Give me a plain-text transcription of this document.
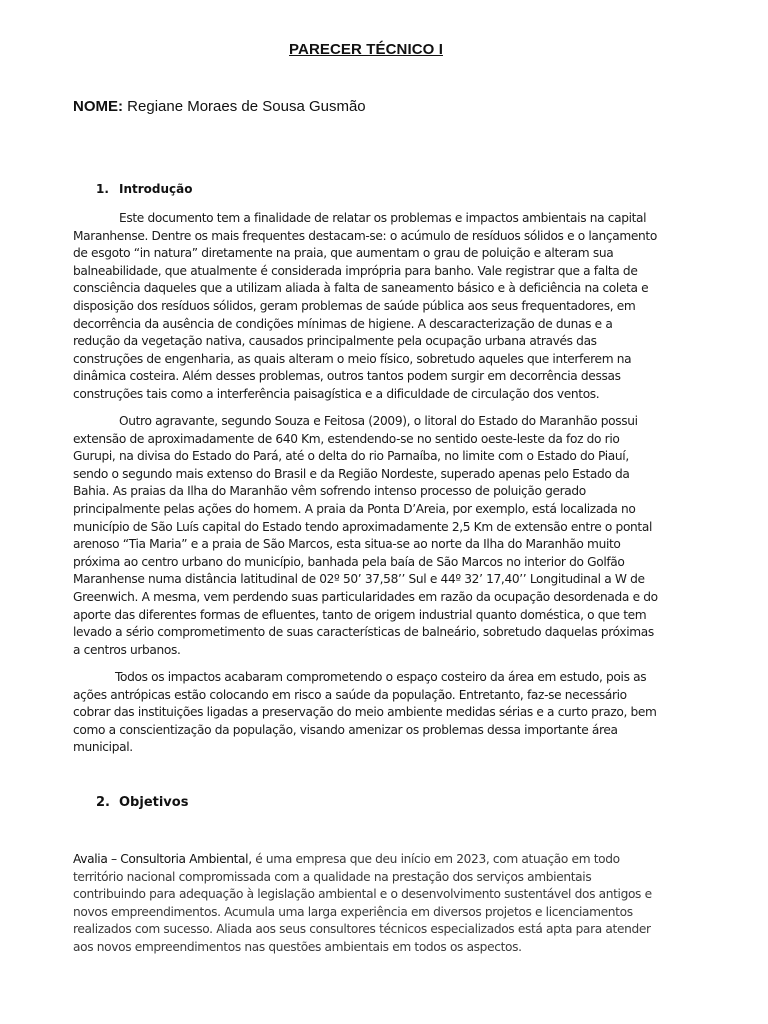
PARECER TÉCNICO I
NOME: Regiane Moraes de Sousa Gusmão
1. Introdução

Este documento tem a finalidade de relatar os problemas e impactos ambientais na capital Maranhense. Dentre os mais frequentes destacam-se: o acúmulo de resíduos sólidos e o lançamento de esgoto “in natura” diretamente na praia, que aumentam o grau de poluição e alteram sua balneabilidade, que atualmente é considerada imprópria para banho. Vale registrar que a falta de consciência daqueles que a utilizam aliada à falta de saneamento básico e à deficiência na coleta e disposição dos resíduos sólidos, geram problemas de saúde pública aos seus frequentadores, em decorrência da ausência de condições mínimas de higiene. A descaracterização de dunas e a redução da vegetação nativa, causados principalmente pela ocupação urbana através das construções de engenharia, as quais alteram o meio físico, sobretudo aqueles que interferem na dinâmica costeira. Além desses problemas, outros tantos podem surgir em decorrência dessas construções tais como a interferência paisagística e a dificuldade de circulação dos ventos.

Outro agravante, segundo Souza e Feitosa (2009), o litoral do Estado do Maranhão possui extensão de aproximadamente de 640 Km, estendendo-se no sentido oeste-leste da foz do rio Gurupi, na divisa do Estado do Pará, até o delta do rio Parnaíba, no limite com o Estado do Piauí, sendo o segundo mais extenso do Brasil e da Região Nordeste, superado apenas pelo Estado da Bahia. As praias da Ilha do Maranhão vêm sofrendo intenso processo de poluição gerado principalmente pelas ações do homem. A praia da Ponta D’Areia, por exemplo, está localizada no município de São Luís capital do Estado tendo aproximadamente 2,5 Km de extensão entre o pontal arenoso “Tia Maria” e a praia de São Marcos, esta situa-se ao norte da Ilha do Maranhão muito próxima ao centro urbano do município, banhada pela baía de São Marcos no interior do Golfão Maranhense numa distância latitudinal de 02º 50’ 37,58’’ Sul e 44º 32’ 17,40’’ Longitudinal a W de Greenwich. A mesma, vem perdendo suas particularidades em razão da ocupação desordenada e do aporte das diferentes formas de efluentes, tanto de origem industrial quanto doméstica, o que tem levado a sério comprometimento de suas características de balneário, sobretudo daquelas próximas a centros urbanos.

Todos os impactos acabaram comprometendo o espaço costeiro da área em estudo, pois as ações antrópicas estão colocando em risco a saúde da população. Entretanto, faz-se necessário cobrar das instituições ligadas a preservação do meio ambiente medidas sérias e a curto prazo, bem como a conscientização da população, visando amenizar os problemas dessa importante área municipal.

2. Objetivos

Avalia – Consultoria Ambiental, é uma empresa que deu início em 2023, com atuação em todo território nacional compromissada com a qualidade na prestação dos serviços ambientais contribuindo para adequação à legislação ambiental e o desenvolvimento sustentável dos antigos e novos empreendimentos. Acumula uma larga experiência em diversos projetos e licenciamentos realizados com sucesso. Aliada aos seus consultores técnicos especializados está apta para atender aos novos empreendimentos nas questões ambientais em todos os aspectos.
